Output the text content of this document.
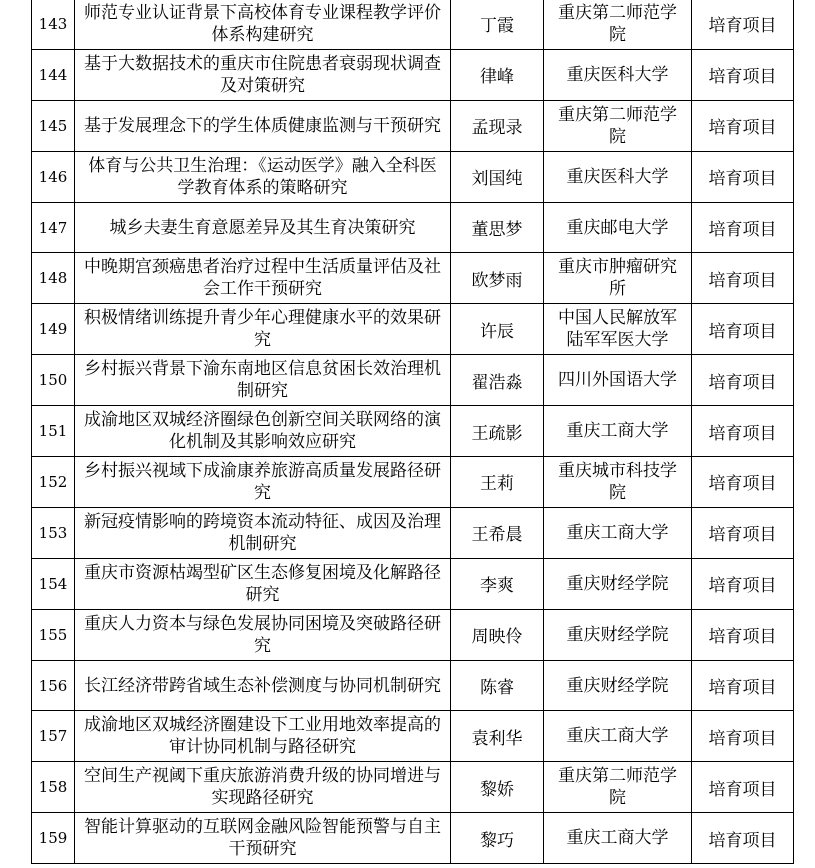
143	师范专业认证背景下高校体育专业课程教学评价体系构建研究	丁霞	重庆第二师范学院	培育项目
144	基于大数据技术的重庆市住院患者衰弱现状调查及对策研究	律峰	重庆医科大学	培育项目
145	基于发展理念下的学生体质健康监测与干预研究	孟现录	重庆第二师范学院	培育项目
146	体育与公共卫生治理：《运动医学》融入全科医学教育体系的策略研究	刘国纯	重庆医科大学	培育项目
147	城乡夫妻生育意愿差异及其生育决策研究	董思梦	重庆邮电大学	培育项目
148	中晚期宫颈癌患者治疗过程中生活质量评估及社会工作干预研究	欧梦雨	重庆市肿瘤研究所	培育项目
149	积极情绪训练提升青少年心理健康水平的效果研究	许辰	中国人民解放军陆军军医大学	培育项目
150	乡村振兴背景下渝东南地区信息贫困长效治理机制研究	翟浩淼	四川外国语大学	培育项目
151	成渝地区双城经济圈绿色创新空间关联网络的演化机制及其影响效应研究	王疏影	重庆工商大学	培育项目
152	乡村振兴视域下成渝康养旅游高质量发展路径研究	王莉	重庆城市科技学院	培育项目
153	新冠疫情影响的跨境资本流动特征、成因及治理机制研究	王希晨	重庆工商大学	培育项目
154	重庆市资源枯竭型矿区生态修复困境及化解路径研究	李爽	重庆财经学院	培育项目
155	重庆人力资本与绿色发展协同困境及突破路径研究	周映伶	重庆财经学院	培育项目
156	长江经济带跨省域生态补偿测度与协同机制研究	陈睿	重庆财经学院	培育项目
157	成渝地区双城经济圈建设下工业用地效率提高的审计协同机制与路径研究	袁利华	重庆工商大学	培育项目
158	空间生产视阈下重庆旅游消费升级的协同增进与实现路径研究	黎娇	重庆第二师范学院	培育项目
159	智能计算驱动的互联网金融风险智能预警与自主干预研究	黎巧	重庆工商大学	培育项目
